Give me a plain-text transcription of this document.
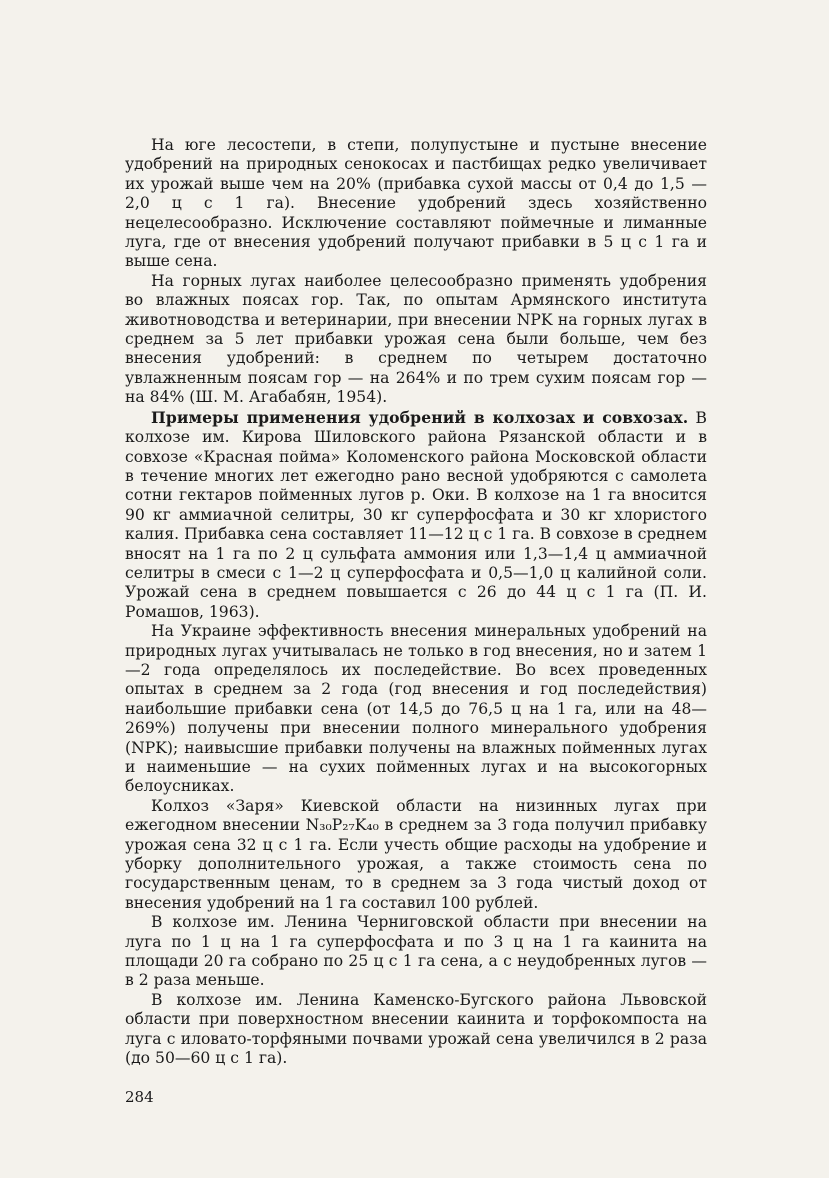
На юге лесостепи, в степи, полупустыне и пустыне внесение удобрений на природных сенокосах и пастбищах редко увеличивает их урожай выше чем на 20% (прибавка сухой массы от 0,4 до 1,5 — 2,0 ц с 1 га). Внесение удобрений здесь хозяйственно нецелесообразно. Исключение составляют поймечные и лиманные луга, где от внесения удобрений получают прибавки в 5 ц с 1 га и выше сена.

На горных лугах наиболее целесообразно применять удобрения во влажных поясах гор. Так, по опытам Армянского института животноводства и ветеринарии, при внесении NPK на горных лугах в среднем за 5 лет прибавки урожая сена были больше, чем без внесения удобрений: в среднем по четырем достаточно увлажненным поясам гор — на 264% и по трем сухим поясам гор — на 84% (Ш. М. Агабабян, 1954).

Примеры применения удобрений в колхозах и совхозах. В колхозе им. Кирова Шиловского района Рязанской области и в совхозе «Красная пойма» Коломенского района Московской области в течение многих лет ежегодно рано весной удобряются с самолета сотни гектаров пойменных лугов р. Оки. В колхозе на 1 га вносится 90 кг аммиачной селитры, 30 кг суперфосфата и 30 кг хлористого калия. Прибавка сена составляет 11—12 ц с 1 га. В совхозе в среднем вносят на 1 га по 2 ц сульфата аммония или 1,3—1,4 ц аммиачной селитры в смеси с 1—2 ц суперфосфата и 0,5—1,0 ц калийной соли. Урожай сена в среднем повышается с 26 до 44 ц с 1 га (П. И. Ромашов, 1963).

На Украине эффективность внесения минеральных удобрений на природных лугах учитывалась не только в год внесения, но и затем 1—2 года определялось их последействие. Во всех проведенных опытах в среднем за 2 года (год внесения и год последействия) наибольшие прибавки сена (от 14,5 до 76,5 ц на 1 га, или на 48—269%) получены при внесении полного минерального удобрения (NPK); наивысшие прибавки получены на влажных пойменных лугах и наименьшие — на сухих пойменных лугах и на высокогорных белоусниках.

Колхоз «Заря» Киевской области на низинных лугах при ежегодном внесении N₃₀P₂₇K₄₀ в среднем за 3 года получил прибавку урожая сена 32 ц с 1 га. Если учесть общие расходы на удобрение и уборку дополнительного урожая, а также стоимость сена по государственным ценам, то в среднем за 3 года чистый доход от внесения удобрений на 1 га составил 100 рублей.

В колхозе им. Ленина Черниговской области при внесении на луга по 1 ц на 1 га суперфосфата и по 3 ц на 1 га каинита на площади 20 га собрано по 25 ц с 1 га сена, а с неудобренных лугов — в 2 раза меньше.

В колхозе им. Ленина Каменско-Бугского района Львовской области при поверхностном внесении каинита и торфокомпоста на луга с иловато-торфяными почвами урожай сена увеличился в 2 раза (до 50—60 ц с 1 га).

284
